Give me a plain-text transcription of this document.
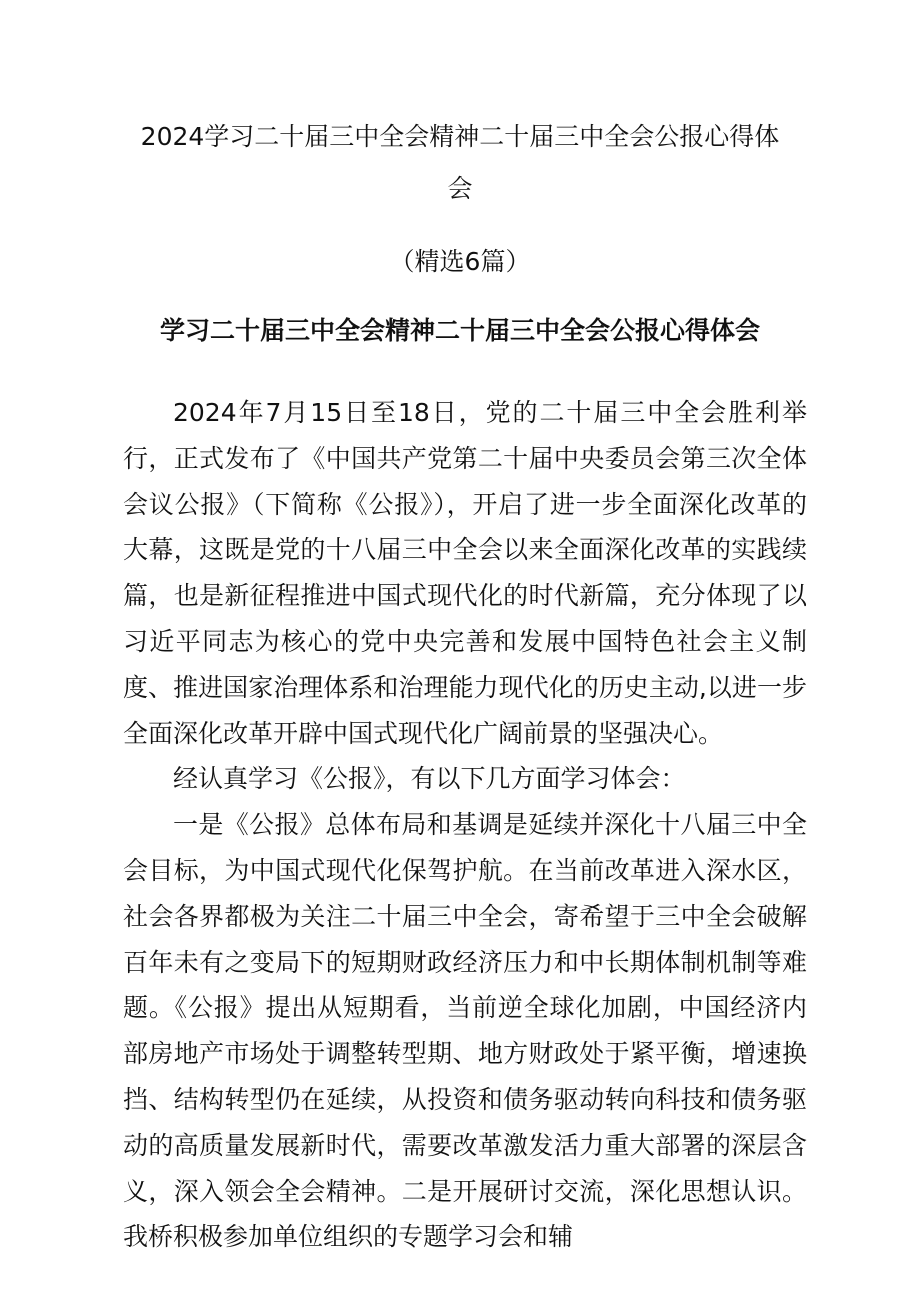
2024学习二十届三中全会精神二十届三中全会公报心得体会

（精选6篇）

学习二十届三中全会精神二十届三中全会公报心得体会

2024年7月15日至18日，党的二十届三中全会胜利举行，正式发布了《中国共产党第二十届中央委员会第三次全体会议公报》（下简称《公报》），开启了进一步全面深化改革的大幕，这既是党的十八届三中全会以来全面深化改革的实践续篇，也是新征程推进中国式现代化的时代新篇，充分体现了以习近平同志为核心的党中央完善和发展中国特色社会主义制度、推进国家治理体系和治理能力现代化的历史主动,以进一步全面深化改革开辟中国式现代化广阔前景的坚强决心。

经认真学习《公报》，有以下几方面学习体会：

一是《公报》总体布局和基调是延续并深化十八届三中全会目标，为中国式现代化保驾护航。在当前改革进入深水区，社会各界都极为关注二十届三中全会，寄希望于三中全会破解百年未有之变局下的短期财政经济压力和中长期体制机制等难题。《公报》提出从短期看，当前逆全球化加剧，中国经济内部房地产市场处于调整转型期、地方财政处于紧平衡，增速换挡、结构转型仍在延续，从投资和债务驱动转向科技和债务驱动的高质量发展新时代，需要改革激发活力重大部署的深层含义，深入领会全会精神。二是开展研讨交流，深化思想认识。我桥积极参加单位组织的专题学习会和辅
